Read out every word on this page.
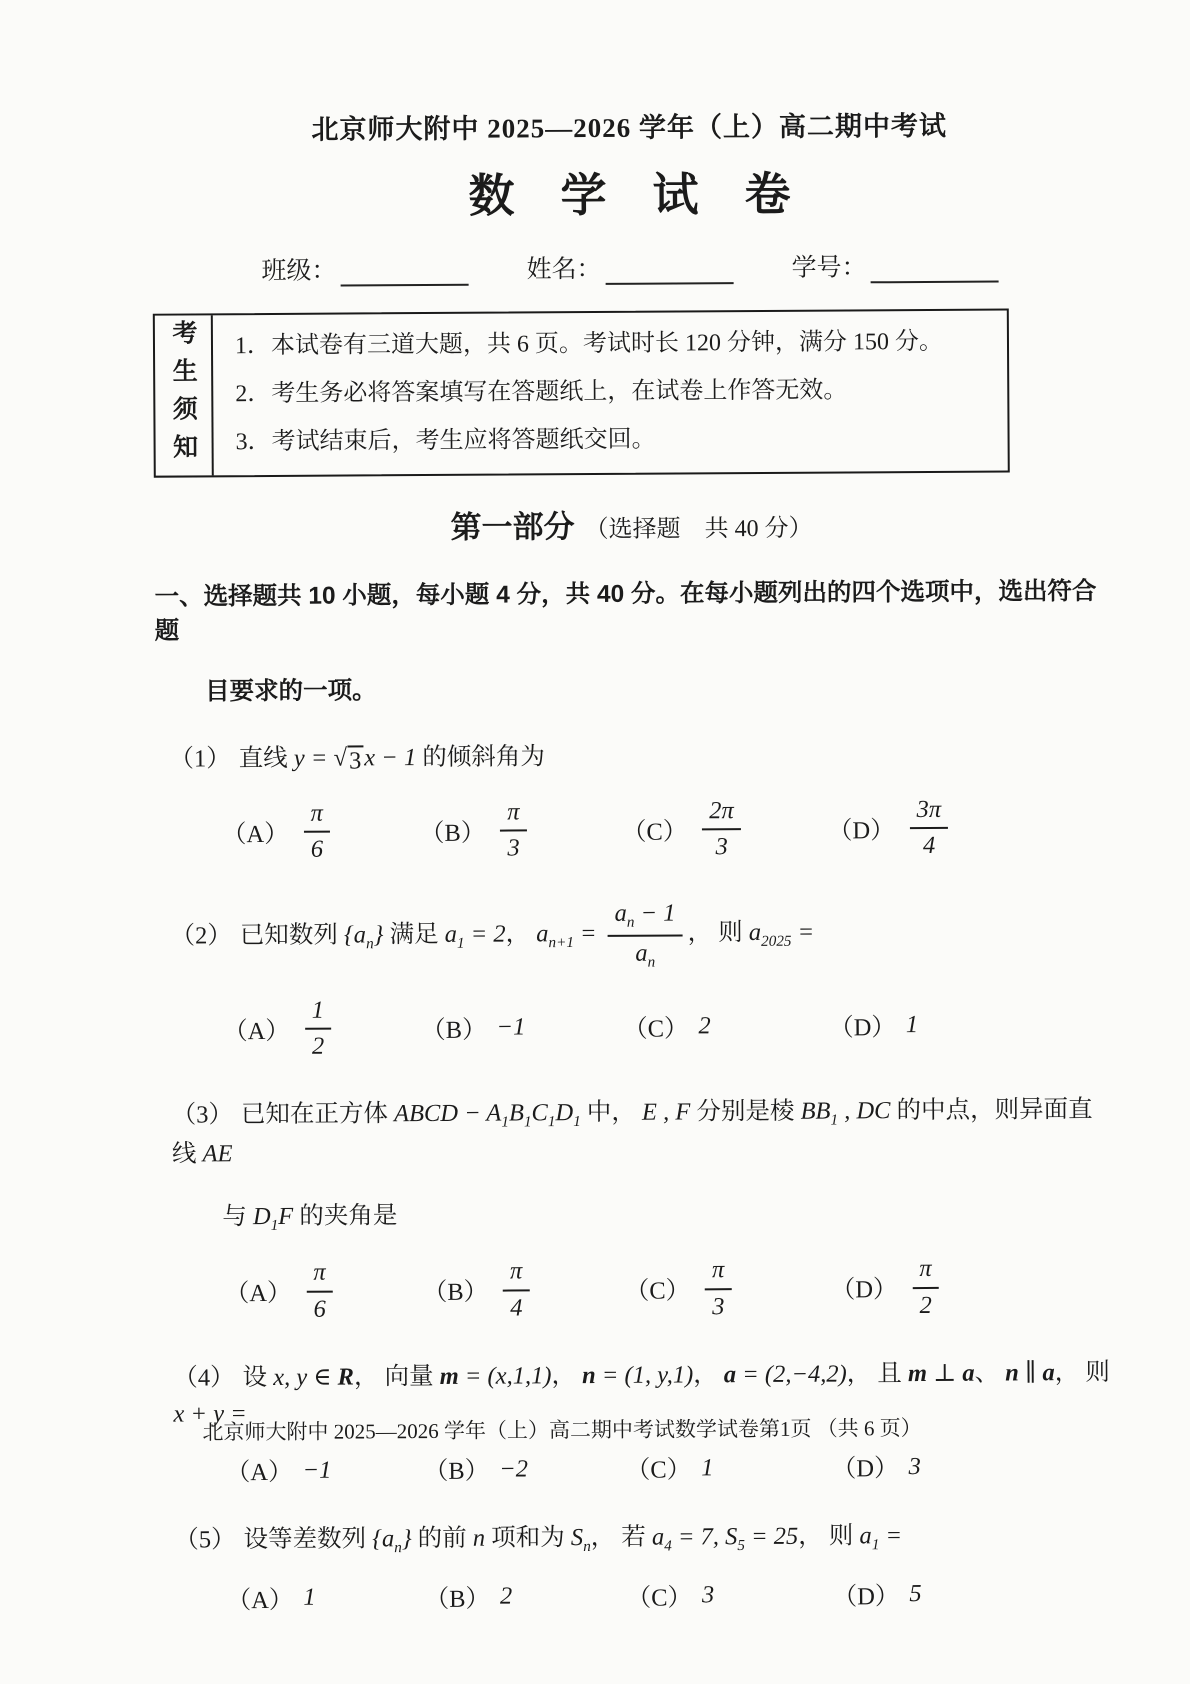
北京师大附中 2025—2026 学年（上）高二期中考试
数　学　试　卷
班级：	姓名：	学号：
考生须知 1．本试卷有三道大题，共 6 页。考试时长 120 分钟，满分 150 分。
2．考生务必将答案填写在答题纸上，在试卷上作答无效。
3．考试结束后，考生应将答题纸交回。
第一部分 （选择题　共 40 分）
一、选择题共 10 小题，每小题 4 分，共 40 分。在每小题列出的四个选项中，选出符合题
目要求的一项。
（1） 直线 y = √ 3 x − 1 的倾斜角为
$(A) \frac{\pi}{6}$	$(B) \frac{\pi}{3}$	$(C) \frac{2\pi}{3}$	$(D) \frac{3\pi}{4}$
（2） 已知数列 $\{a_n\}$ 满足 $a_1 = 2$， $a_{n+1} = \frac{a_n - 1}{a_n}$ ， 则 $a_{2025}$ =
$(A) \frac{1}{2}$	（B） −1	（C） 2	（D） 1
（3） 已知在正方体 ABCD − $A_1B_1C_1D_1$ 中， E , F 分别是棱 $BB_1$ , DC 的中点，则异面直线 AE
与 $D_1F$ 的夹角是
$(A) \frac{\pi}{6}$	$(B) \frac{\pi}{4}$	$(C) \frac{\pi}{3}$	$(D) \frac{\pi}{2}$
（4） 设 x, y ∈ R， 向量 m = (x,1,1)， n = (1, y,1)， a = (2,−4,2)， 且 m ⊥ a、 n ∥ a， 则 x + y =
（A） −1	（B） −2	（C） 1	（D） 3
（5） 设等差数列 $\{a_n\}$ 的前 n 项和为 $S_n$， 若 $a_4 = 7$, $S_5 = 25$， 则 $a_1$ =
（A） 1	（B） 2	（C） 3	（D） 5
北京师大附中 2025—2026 学年（上）高二期中考试数学试卷第1页 （共 6 页）
